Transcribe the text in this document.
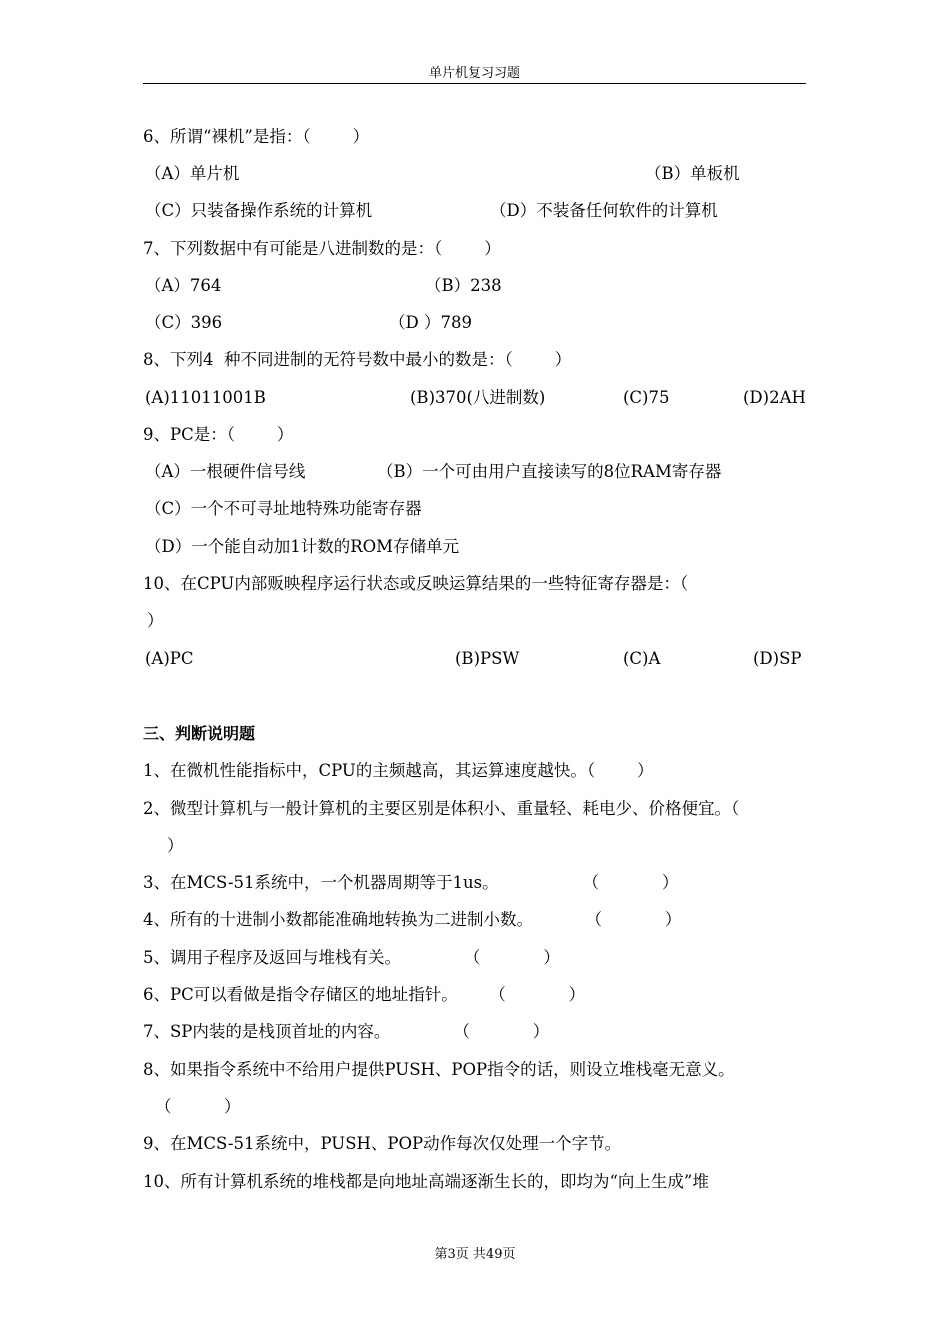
单片机复习习题
6、所谓“裸机”是指：（        ）
（A）单片机	（B）单板机
（C）只装备操作系统的计算机	（D）不装备任何软件的计算机
7、下列数据中有可能是八进制数的是：（        ）
（A）764	（B）238
（C）396	（D ）789
8、下列4  种不同进制的无符号数中最小的数是：（        ）
(A)11011001B	(B)370(八进制数)	(C)75	(D)2AH
9、PC是：（        ）
（A）一根硬件信号线	（B）一个可由用户直接读写的8位RAM寄存器
（C）一个不可寻址地特殊功能寄存器
（D）一个能自动加1计数的ROM存储单元
10、在CPU内部贩映程序运行状态或反映运算结果的一些特征寄存器是：（
）
(A)PC	(B)PSW	(C)A	(D)SP
三、判断说明题
1、在微机性能指标中，CPU的主频越高，其运算速度越快。（        ）
2、微型计算机与一般计算机的主要区别是体积小、重量轻、耗电少、价格便宜。（
）
3、在MCS-51系统中，一个机器周期等于1us。                （            ）
4、所有的十进制小数都能准确地转换为二进制小数。          （            ）
5、调用子程序及返回与堆栈有关。            （            ）
6、PC可以看做是指令存储区的地址指针。      （            ）
7、SP内装的是栈顶首址的内容。            （            ）
8、如果指令系统中不给用户提供PUSH、POP指令的话，则设立堆栈毫无意义。
（          ）
9、在MCS-51系统中，PUSH、POP动作每次仅处理一个字节。
10、所有计算机系统的堆栈都是向地址高端逐渐生长的，即均为“向上生成”堆
第3页 共49页
